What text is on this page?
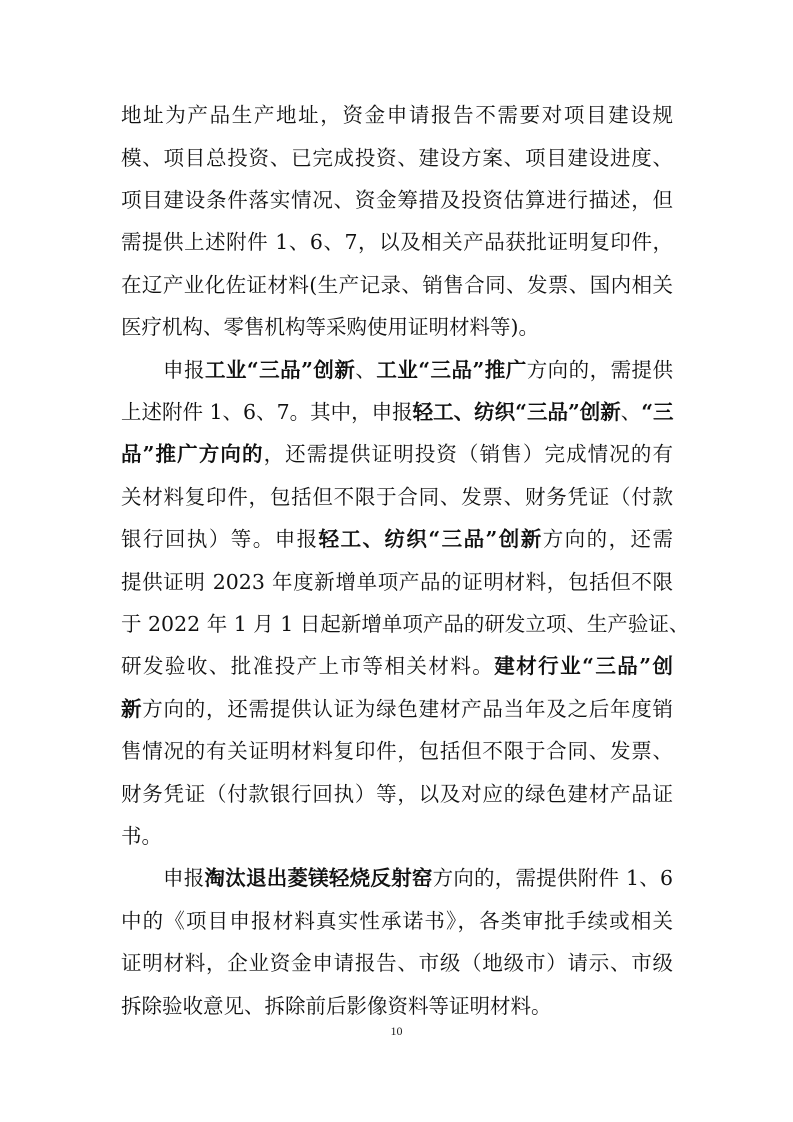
地址为产品生产地址，资金申请报告不需要对项目建设规
模、项目总投资、已完成投资、建设方案、项目建设进度、
项目建设条件落实情况、资金筹措及投资估算进行描述，但
需提供上述附件 1、6、7，以及相关产品获批证明复印件，
在辽产业化佐证材料(生产记录、销售合同、发票、国内相关
医疗机构、零售机构等采购使用证明材料等)。
申报工业“三品”创新、工业“三品”推广方向的，需提供
上述附件 1、6、7。其中，申报轻工、纺织“三品”创新、“三
品”推广方向的，还需提供证明投资（销售）完成情况的有
关材料复印件，包括但不限于合同、发票、财务凭证（付款
银行回执）等。申报轻工、纺织“三品”创新方向的，还需
提供证明 2023 年度新增单项产品的证明材料，包括但不限
于 2022 年 1 月 1 日起新增单项产品的研发立项、生产验证、
研发验收、批准投产上市等相关材料。建材行业“三品”创
新方向的，还需提供认证为绿色建材产品当年及之后年度销
售情况的有关证明材料复印件，包括但不限于合同、发票、
财务凭证（付款银行回执）等，以及对应的绿色建材产品证
书。
申报淘汰退出菱镁轻烧反射窑方向的，需提供附件 1、6
中的《项目申报材料真实性承诺书》，各类审批手续或相关
证明材料，企业资金申请报告、市级（地级市）请示、市级
拆除验收意见、拆除前后影像资料等证明材料。
10
